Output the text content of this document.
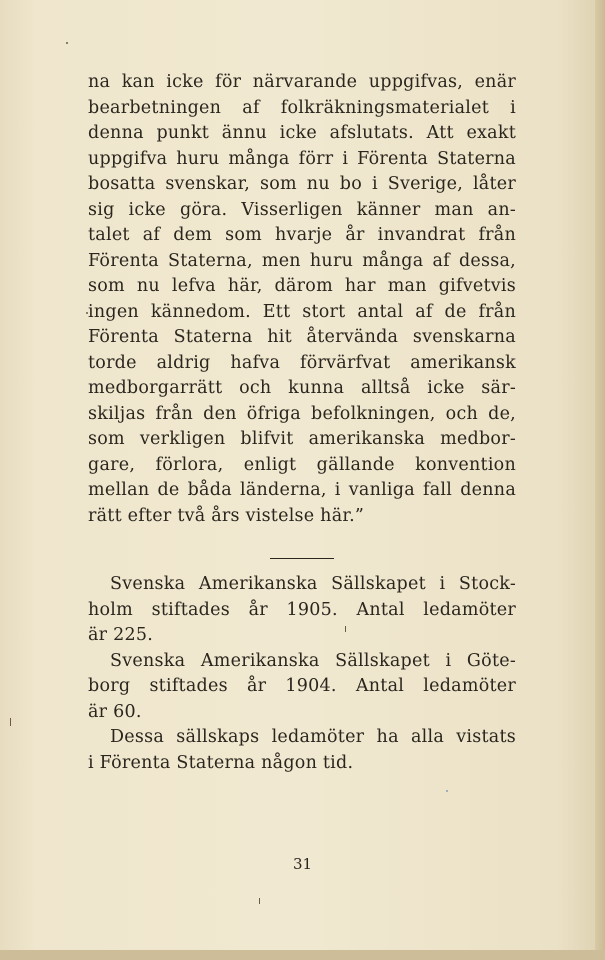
na kan icke för närvarande uppgifvas, enär
bearbetningen af folkräkningsmaterialet i
denna punkt ännu icke afslutats. Att exakt
uppgifva huru många förr i Förenta Staterna
bosatta svenskar, som nu bo i Sverige, låter
sig icke göra. Visserligen känner man an-
talet af dem som hvarje år invandrat från
Förenta Staterna, men huru många af dessa,
som nu lefva här, därom har man gifvetvis
ingen kännedom. Ett stort antal af de från
Förenta Staterna hit återvända svenskarna
torde aldrig hafva förvärfvat amerikansk
medborgarrätt och kunna alltså icke sär-
skiljas från den öfriga befolkningen, och de,
som verkligen blifvit amerikanska medbor-
gare, förlora, enligt gällande konvention
mellan de båda länderna, i vanliga fall denna
rätt efter två års vistelse här.”
Svenska Amerikanska Sällskapet i Stock-
holm stiftades år 1905. Antal ledamöter
är 225.
Svenska Amerikanska Sällskapet i Göte-
borg stiftades år 1904. Antal ledamöter
är 60.
Dessa sällskaps ledamöter ha alla vistats
i Förenta Staterna någon tid.
31
